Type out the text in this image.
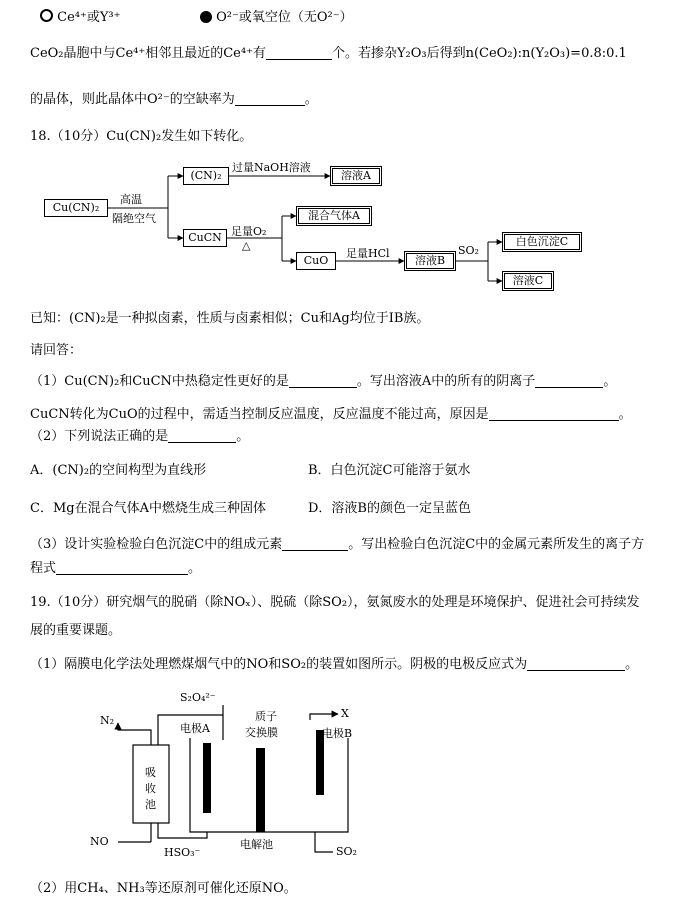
Ce⁴⁺或Y³⁺	O²⁻或氧空位（无O²⁻）
CeO₂晶胞中与Ce⁴⁺相邻且最近的Ce⁴⁺有	个。若掺杂Y₂O₃后得到n(CeO₂):n(Y₂O₃)=0.8:0.1
的晶体，则此晶体中O²⁻的空缺率为	。
18.（10分）Cu(CN)₂发生如下转化。
Cu(CN)₂
高温
隔绝空气
(CN)₂
过量NaOH溶液
溶液A
CuCN 足量O₂
△
混合气体A
CuO
足量HCl
溶液B
SO₂
白色沉淀C
溶液C
已知：(CN)₂是一种拟卤素，性质与卤素相似；Cu和Ag均位于IB族。
请回答：
（1）Cu(CN)₂和CuCN中热稳定性更好的是	。写出溶液A中的所有的阴离子	。
CuCN转化为CuO的过程中，需适当控制反应温度，反应温度不能过高，原因是	。
（2）下列说法正确的是	。
A．(CN)₂的空间构型为直线形	B．白色沉淀C可能溶于氨水
C．Mg在混合气体A中燃烧生成三种固体	D．溶液B的颜色一定呈蓝色
（3）设计实验检验白色沉淀C中的组成元素	。写出检验白色沉淀C中的金属元素所发生的离子方
程式	。
19.（10分）研究烟气的脱硝（除NOₓ）、脱硫（除SO₂），氨氮废水的处理是环境保护、促进社会可持续发
展的重要课题。
（1）隔膜电化学法处理燃煤烟气中的NO和SO₂的装置如图所示。阴极的电极反应式为	。
S₂O₄²⁻
N₂
X
电极A
质子
交换膜	电极B
吸
收
池
NO
HSO₃⁻
电解池
SO₂
（2）用CH₄、NH₃等还原剂可催化还原NO。
